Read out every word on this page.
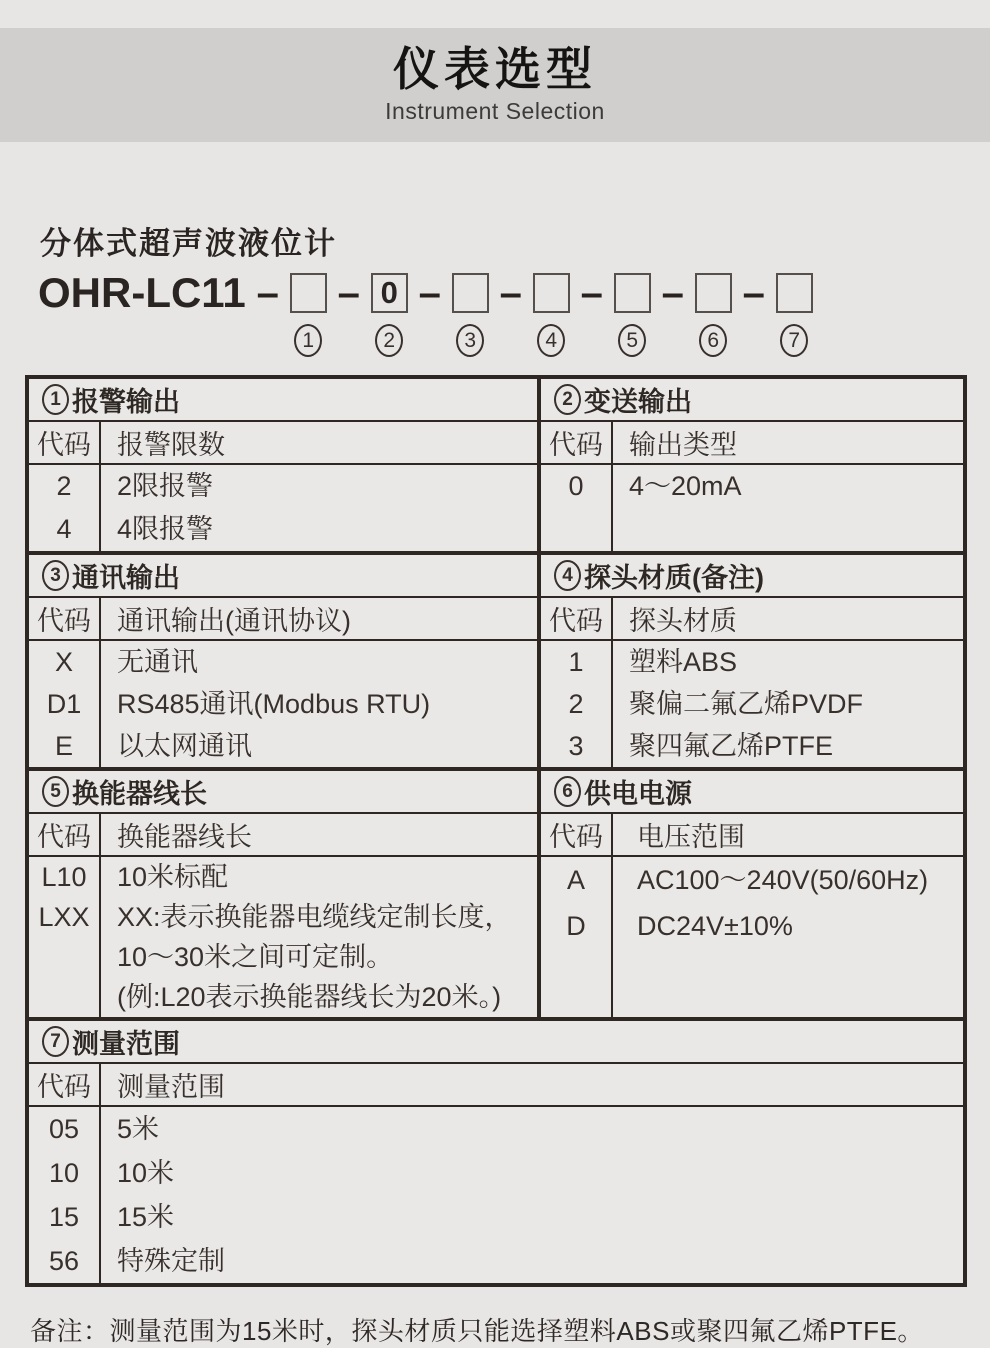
仪表选型
Instrument Selection
分体式超声波液位计
OHR-LC11 –
1
– 0
2
–
3
–
4
–
5
–
6
–
7
1 报警输出
代码 报警限数
2	2限报警
4	4限报警
2 变送输出
代码 输出类型
0	4～20mA
3 通讯输出
代码 通讯输出(通讯协议)
X	无通讯
D1	RS485通讯(Modbus RTU)
E	以太网通讯
4 探头材质(备注)
代码 探头材质
1	塑料ABS
2	聚偏二氟乙烯PVDF
3	聚四氟乙烯PTFE
5 换能器线长
代码 换能器线长
L10	10米标配
LXX	XX:表示换能器电缆线定制长度，
10～30米之间可定制。
(例:L20表示换能器线长为20米。)
6 供电电源
代码	电压范围
A	AC100～240V(50/60Hz)
D	DC24V±10%
7 测量范围
代码 测量范围
05	5米
10	10米
15	15米
56	特殊定制
备注：测量范围为15米时，探头材质只能选择塑料ABS或聚四氟乙烯PTFE。
